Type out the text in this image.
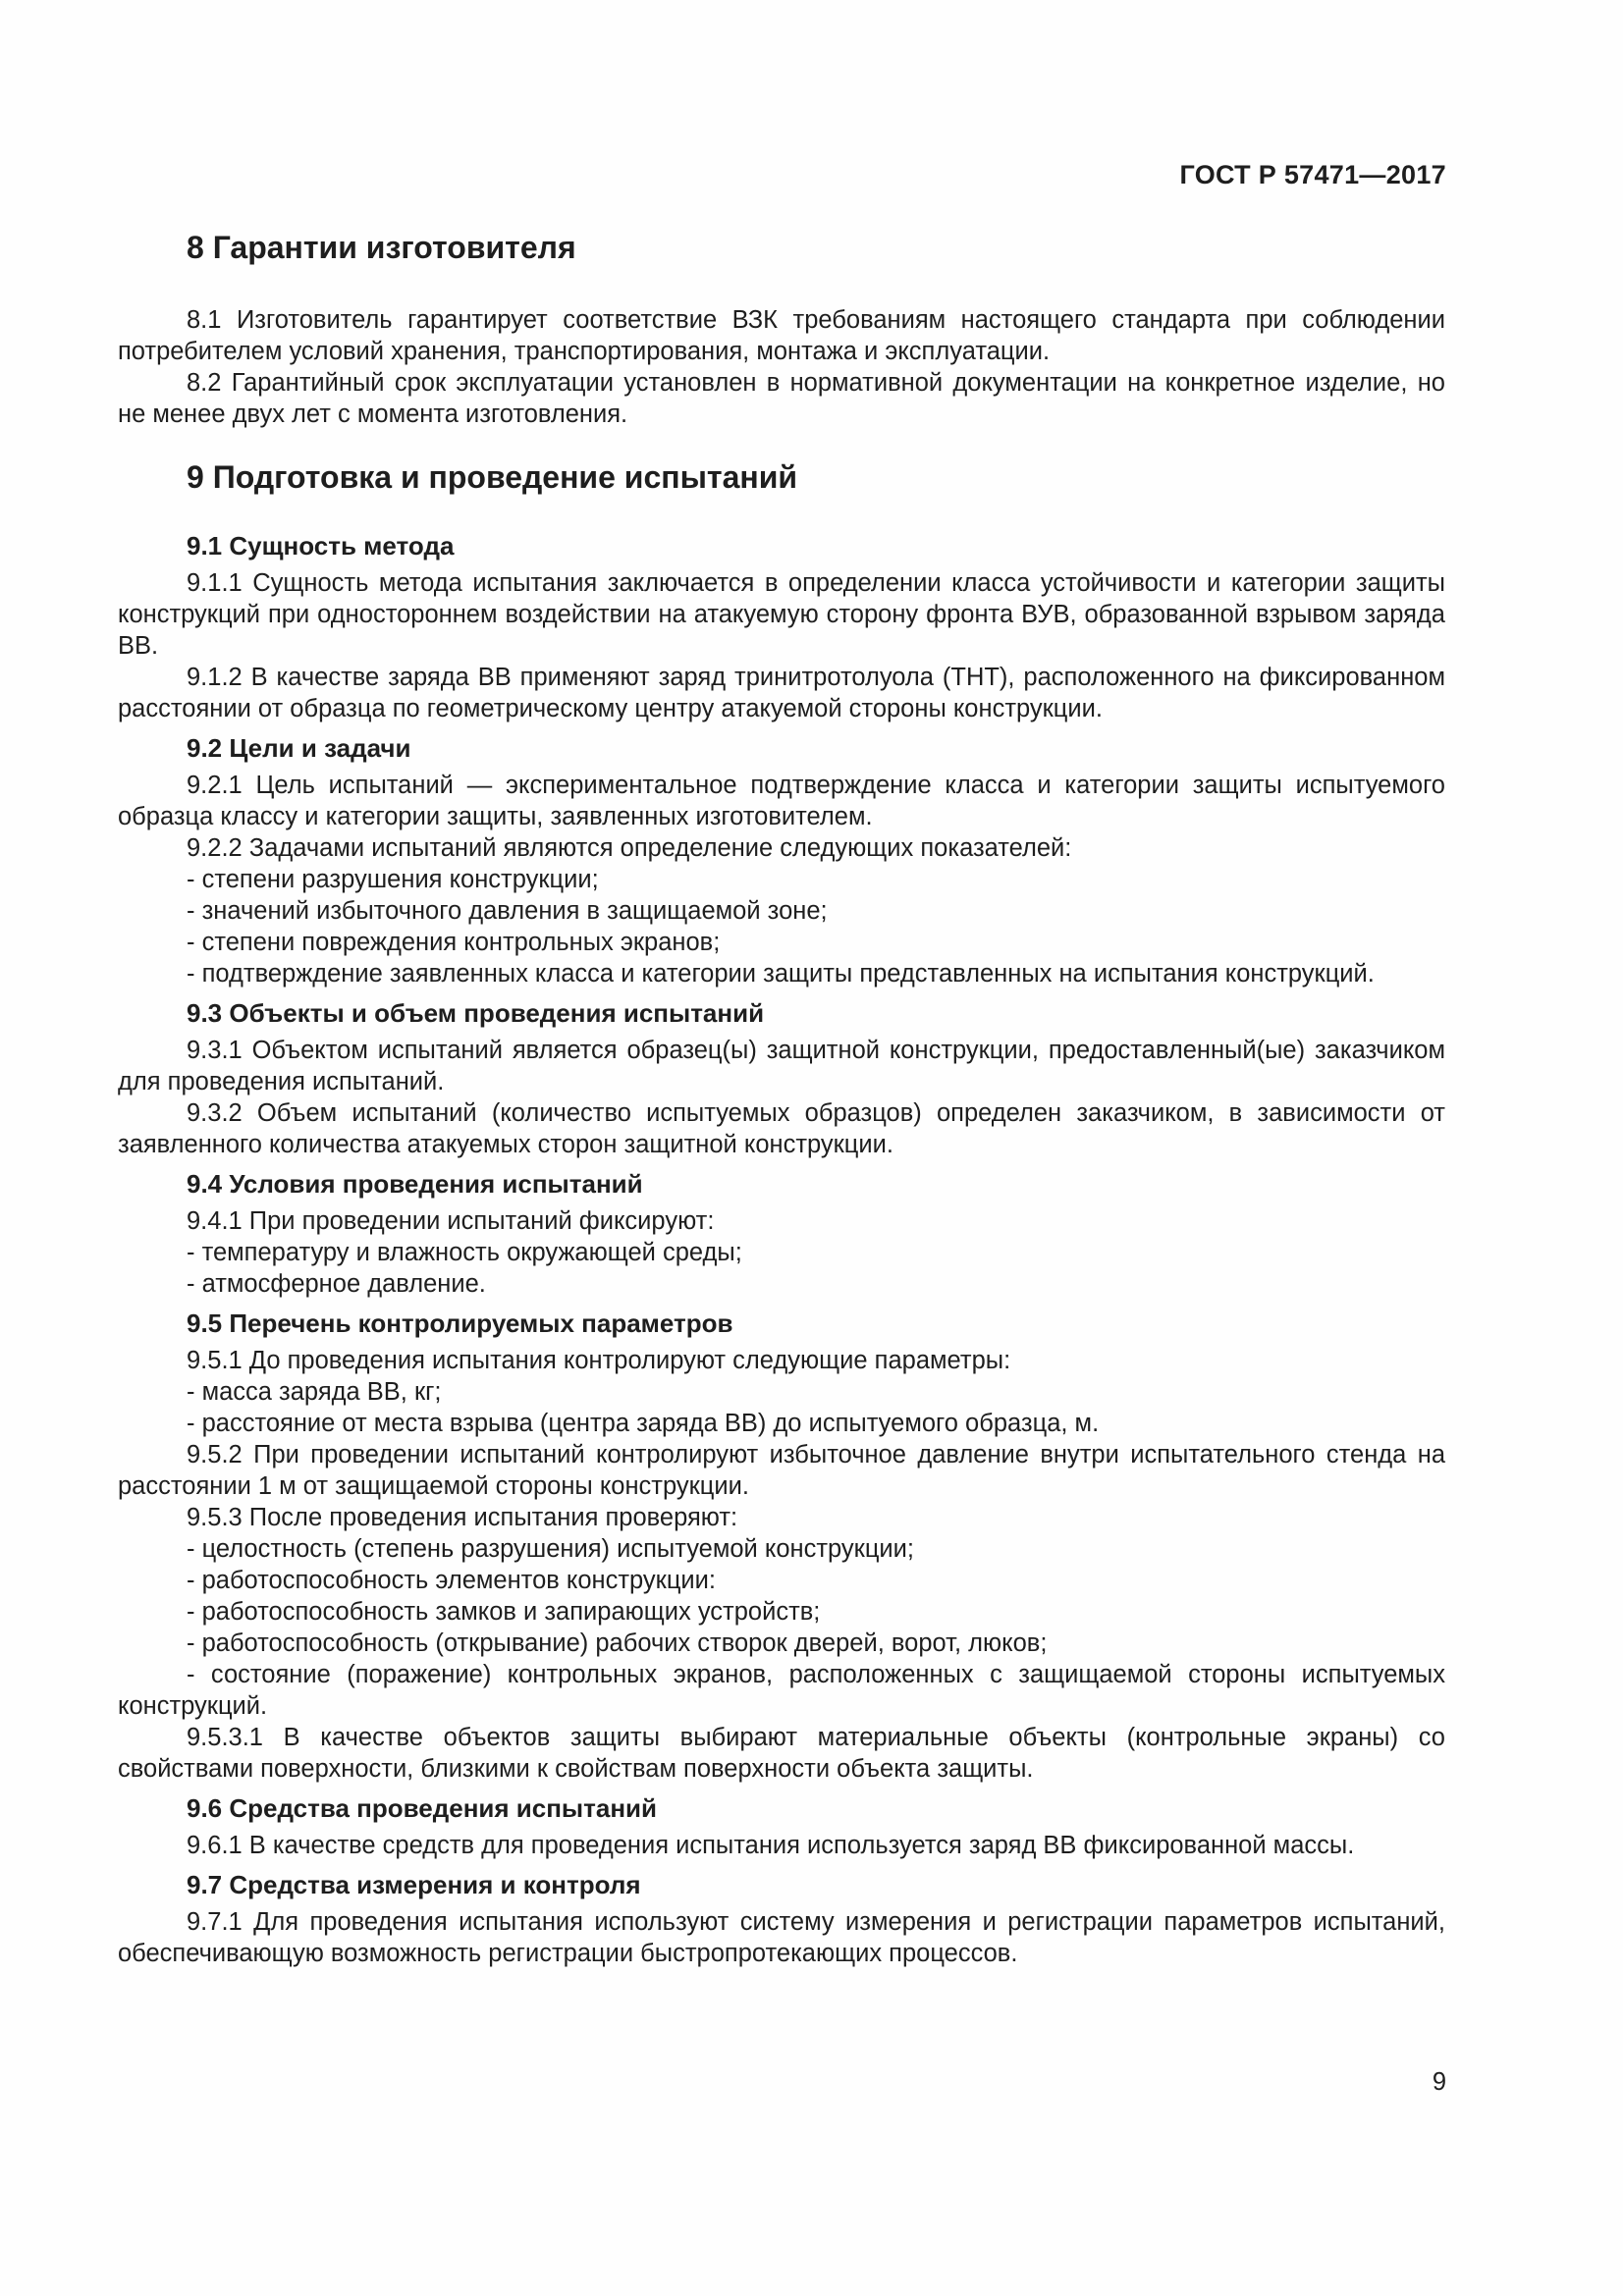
ГОСТ Р 57471—2017
8 Гарантии изготовителя

8.1 Изготовитель гарантирует соответствие ВЗК требованиям настоящего стандарта при соблюдении потребителем условий хранения, транспортирования, монтажа и эксплуатации.

8.2 Гарантийный срок эксплуатации установлен в нормативной документации на конкретное изделие, но не менее двух лет с момента изготовления.

9 Подготовка и проведение испытаний
9.1 Сущность метода

9.1.1 Сущность метода испытания заключается в определении класса устойчивости и категории защиты конструкций при одностороннем воздействии на атакуемую сторону фронта ВУВ, образованной взрывом заряда ВВ.

9.1.2 В качестве заряда ВВ применяют заряд тринитротолуола (ТНТ), расположенного на фиксированном расстоянии от образца по геометрическому центру атакуемой стороны конструкции.

9.2 Цели и задачи

9.2.1 Цель испытаний — экспериментальное подтверждение класса и категории защиты испытуемого образца классу и категории защиты, заявленных изготовителем.

9.2.2 Задачами испытаний являются определение следующих показателей:

- степени разрушения конструкции;
- значений избыточного давления в защищаемой зоне;
- степени повреждения контрольных экранов;
- подтверждение заявленных класса и категории защиты представленных на испытания конструкций.
9.3 Объекты и объем проведения испытаний

9.3.1 Объектом испытаний является образец(ы) защитной конструкции, предоставленный(ые) заказчиком для проведения испытаний.

9.3.2 Объем испытаний (количество испытуемых образцов) определен заказчиком, в зависимости от заявленного количества атакуемых сторон защитной конструкции.

9.4 Условия проведения испытаний

9.4.1 При проведении испытаний фиксируют:

- температуру и влажность окружающей среды;
- атмосферное давление.
9.5 Перечень контролируемых параметров

9.5.1 До проведения испытания контролируют следующие параметры:

- масса заряда ВВ, кг;
- расстояние от места взрыва (центра заряда ВВ) до испытуемого образца, м.

9.5.2 При проведении испытаний контролируют избыточное давление внутри испытательного стенда на расстоянии 1 м от защищаемой стороны конструкции.

9.5.3 После проведения испытания проверяют:

- целостность (степень разрушения) испытуемой конструкции;
- работоспособность элементов конструкции:
- работоспособность замков и запирающих устройств;
- работоспособность (открывание) рабочих створок дверей, ворот, люков;
- состояние (поражение) контрольных экранов, расположенных с защищаемой стороны испытуемых конструкций.

9.5.3.1 В качестве объектов защиты выбирают материальные объекты (контрольные экраны) со свойствами поверхности, близкими к свойствам поверхности объекта защиты.

9.6 Средства проведения испытаний

9.6.1 В качестве средств для проведения испытания используется заряд ВВ фиксированной массы.

9.7 Средства измерения и контроля

9.7.1 Для проведения испытания используют систему измерения и регистрации параметров испытаний, обеспечивающую возможность регистрации быстропротекающих процессов.

9
